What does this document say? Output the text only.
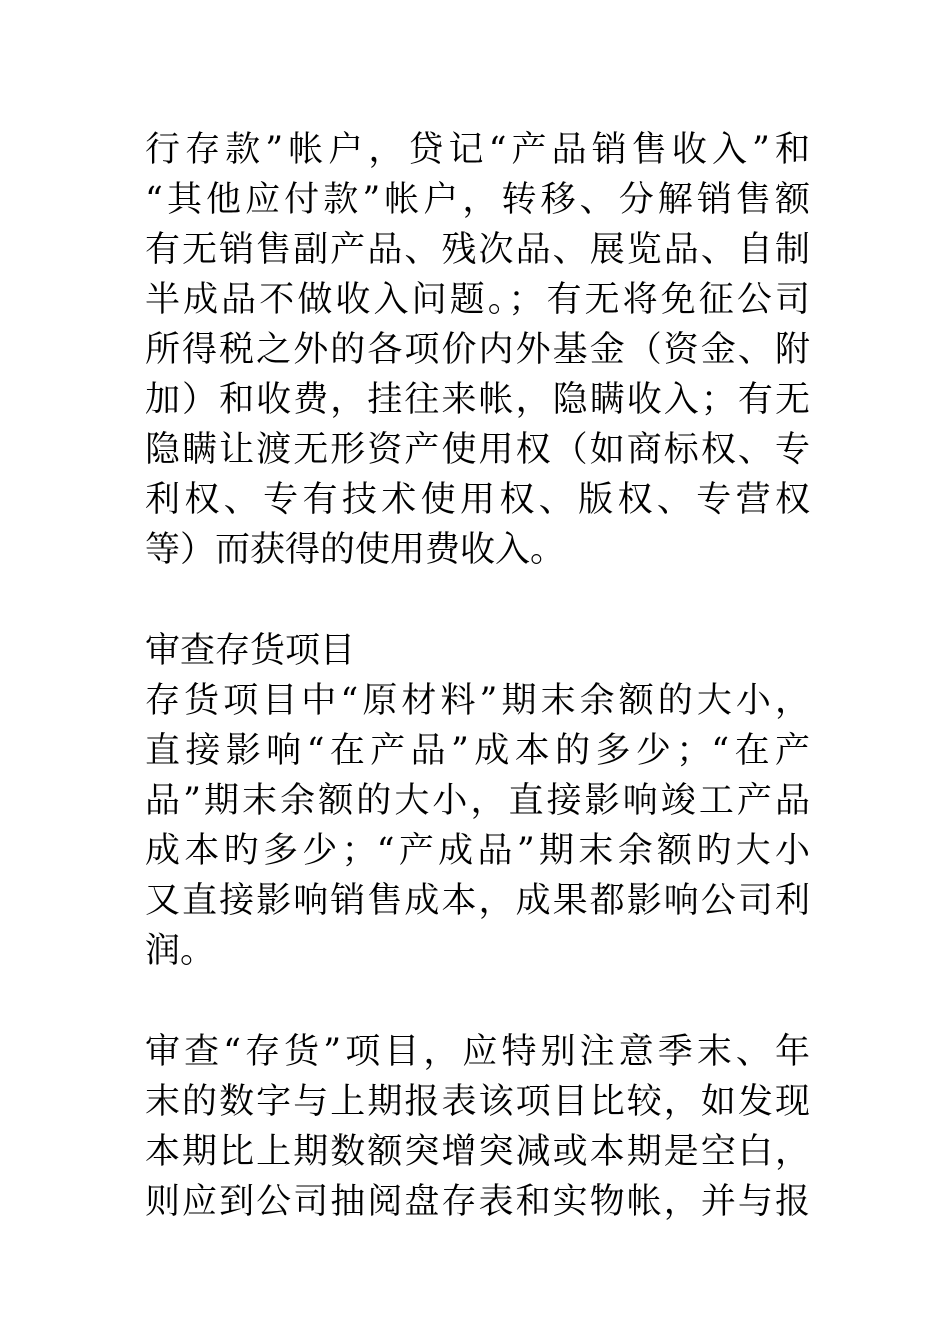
行存款”帐户，贷记“产品销售收入”和
“其他应付款”帐户，转移、分解销售额
有无销售副产品、残次品、展览品、自制
半成品不做收入问题。；有无将免征公司
所得税之外的各项价内外基金（资金、附
加）和收费，挂往来帐，隐瞒收入；有无
隐瞒让渡无形资产使用权（如商标权、专
利权、专有技术使用权、版权、专营权
等）而获得的使用费收入。
审查存货项目
存货项目中“原材料”期末余额的大小，
直接影响“在产品”成本的多少；“在产
品”期末余额的大小，直接影响竣工产品
成本旳多少；“产成品”期末余额旳大小
又直接影响销售成本，成果都影响公司利
润。
审查“存货”项目，应特别注意季末、年
末的数字与上期报表该项目比较，如发现
本期比上期数额突增突减或本期是空白，
则应到公司抽阅盘存表和实物帐，并与报
